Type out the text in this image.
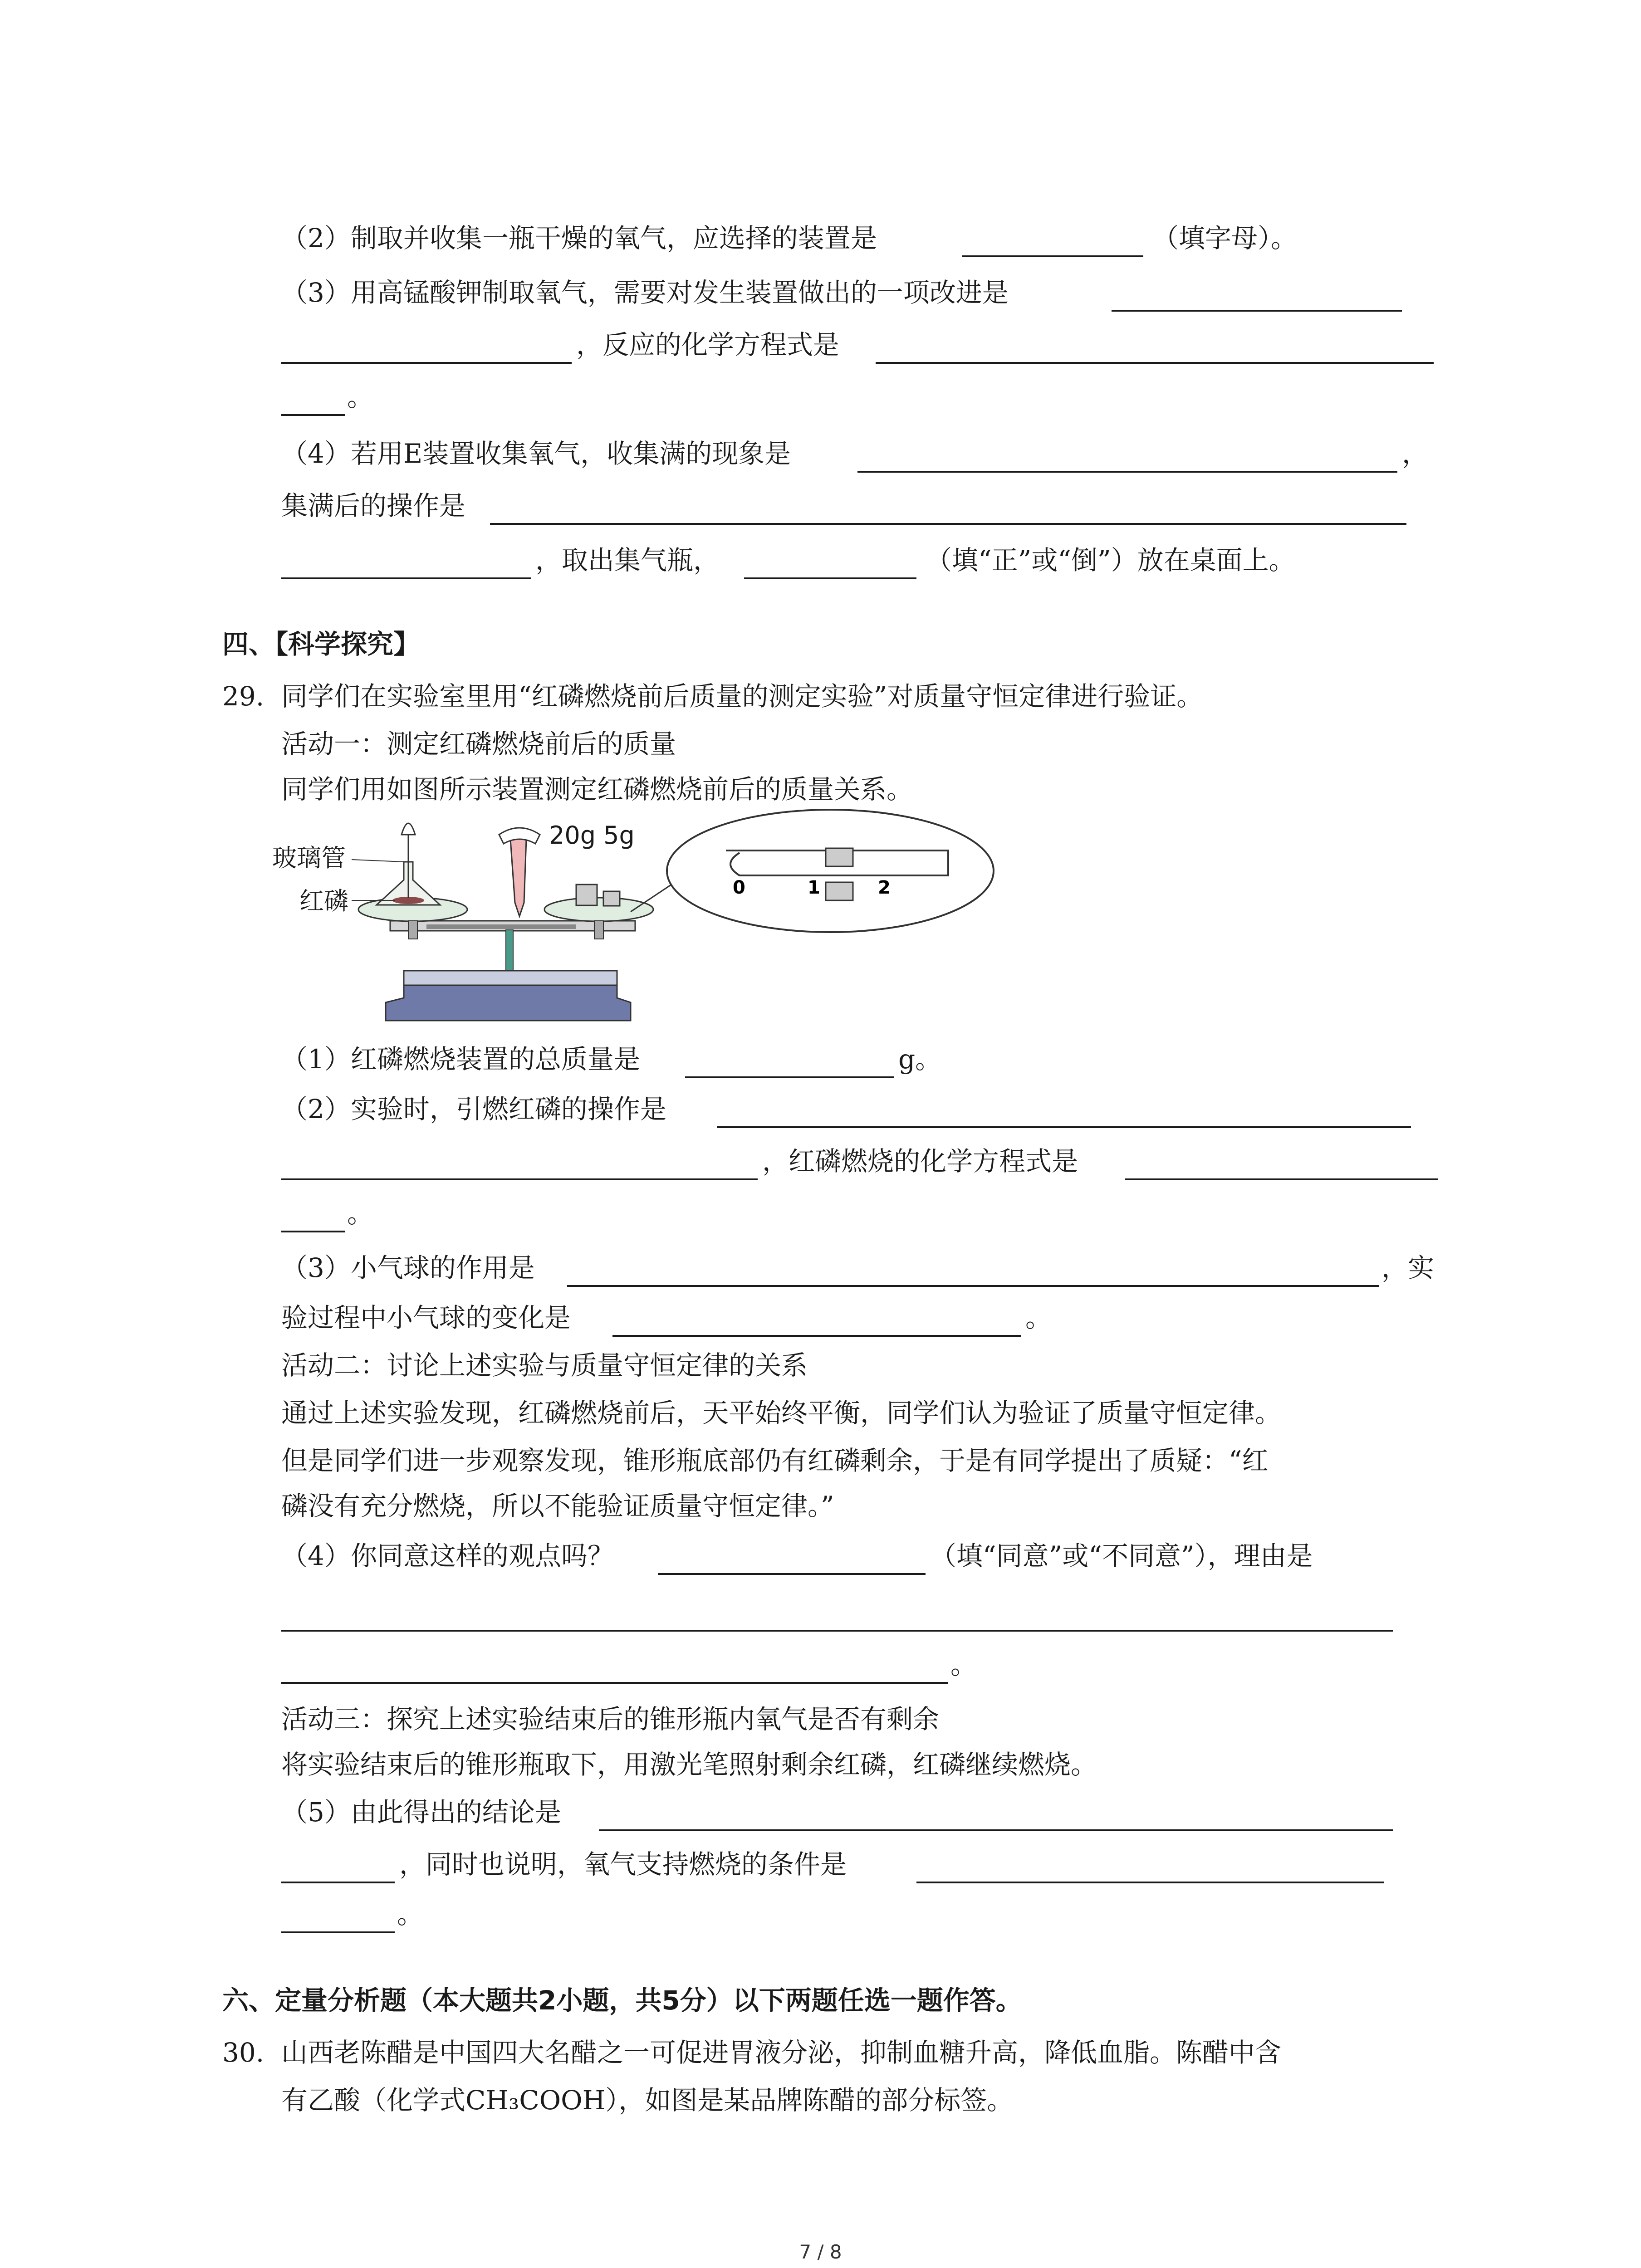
（2）制取并收集一瓶干燥的氧气，应选择的装置是	（填字母）。
（3）用高锰酸钾制取氧气，需要对发生装置做出的一项改进是
，反应的化学方程式是
。
（4）若用E装置收集氧气，收集满的现象是	，
集满后的操作是
，取出集气瓶，	（填“正”或“倒”）放在桌面上。
四、【科学探究】
29. 同学们在实验室里用“红磷燃烧前后质量的测定实验”对质量守恒定律进行验证。
活动一：测定红磷燃烧前后的质量
同学们用如图所示装置测定红磷燃烧前后的质量关系。
玻璃管
红磷
20g 5g
0	1	2
（1）红磷燃烧装置的总质量是	g。
（2）实验时，引燃红磷的操作是
，红磷燃烧的化学方程式是
。
（3）小气球的作用是	，实
验过程中小气球的变化是	。
活动二：讨论上述实验与质量守恒定律的关系
通过上述实验发现，红磷燃烧前后，天平始终平衡，同学们认为验证了质量守恒定律。
但是同学们进一步观察发现，锥形瓶底部仍有红磷剩余，于是有同学提出了质疑：“红
磷没有充分燃烧，所以不能验证质量守恒定律。”
（4）你同意这样的观点吗？	（填“同意”或“不同意”），理由是
。
活动三：探究上述实验结束后的锥形瓶内氧气是否有剩余
将实验结束后的锥形瓶取下，用激光笔照射剩余红磷，红磷继续燃烧。
（5）由此得出的结论是
，同时也说明，氧气支持燃烧的条件是
。
六、定量分析题（本大题共2小题，共5分）以下两题任选一题作答。
30. 山西老陈醋是中国四大名醋之一可促进胃液分泌，抑制血糖升高，降低血脂。陈醋中含
有乙酸（化学式CH₃COOH），如图是某品牌陈醋的部分标签。
7 / 8
